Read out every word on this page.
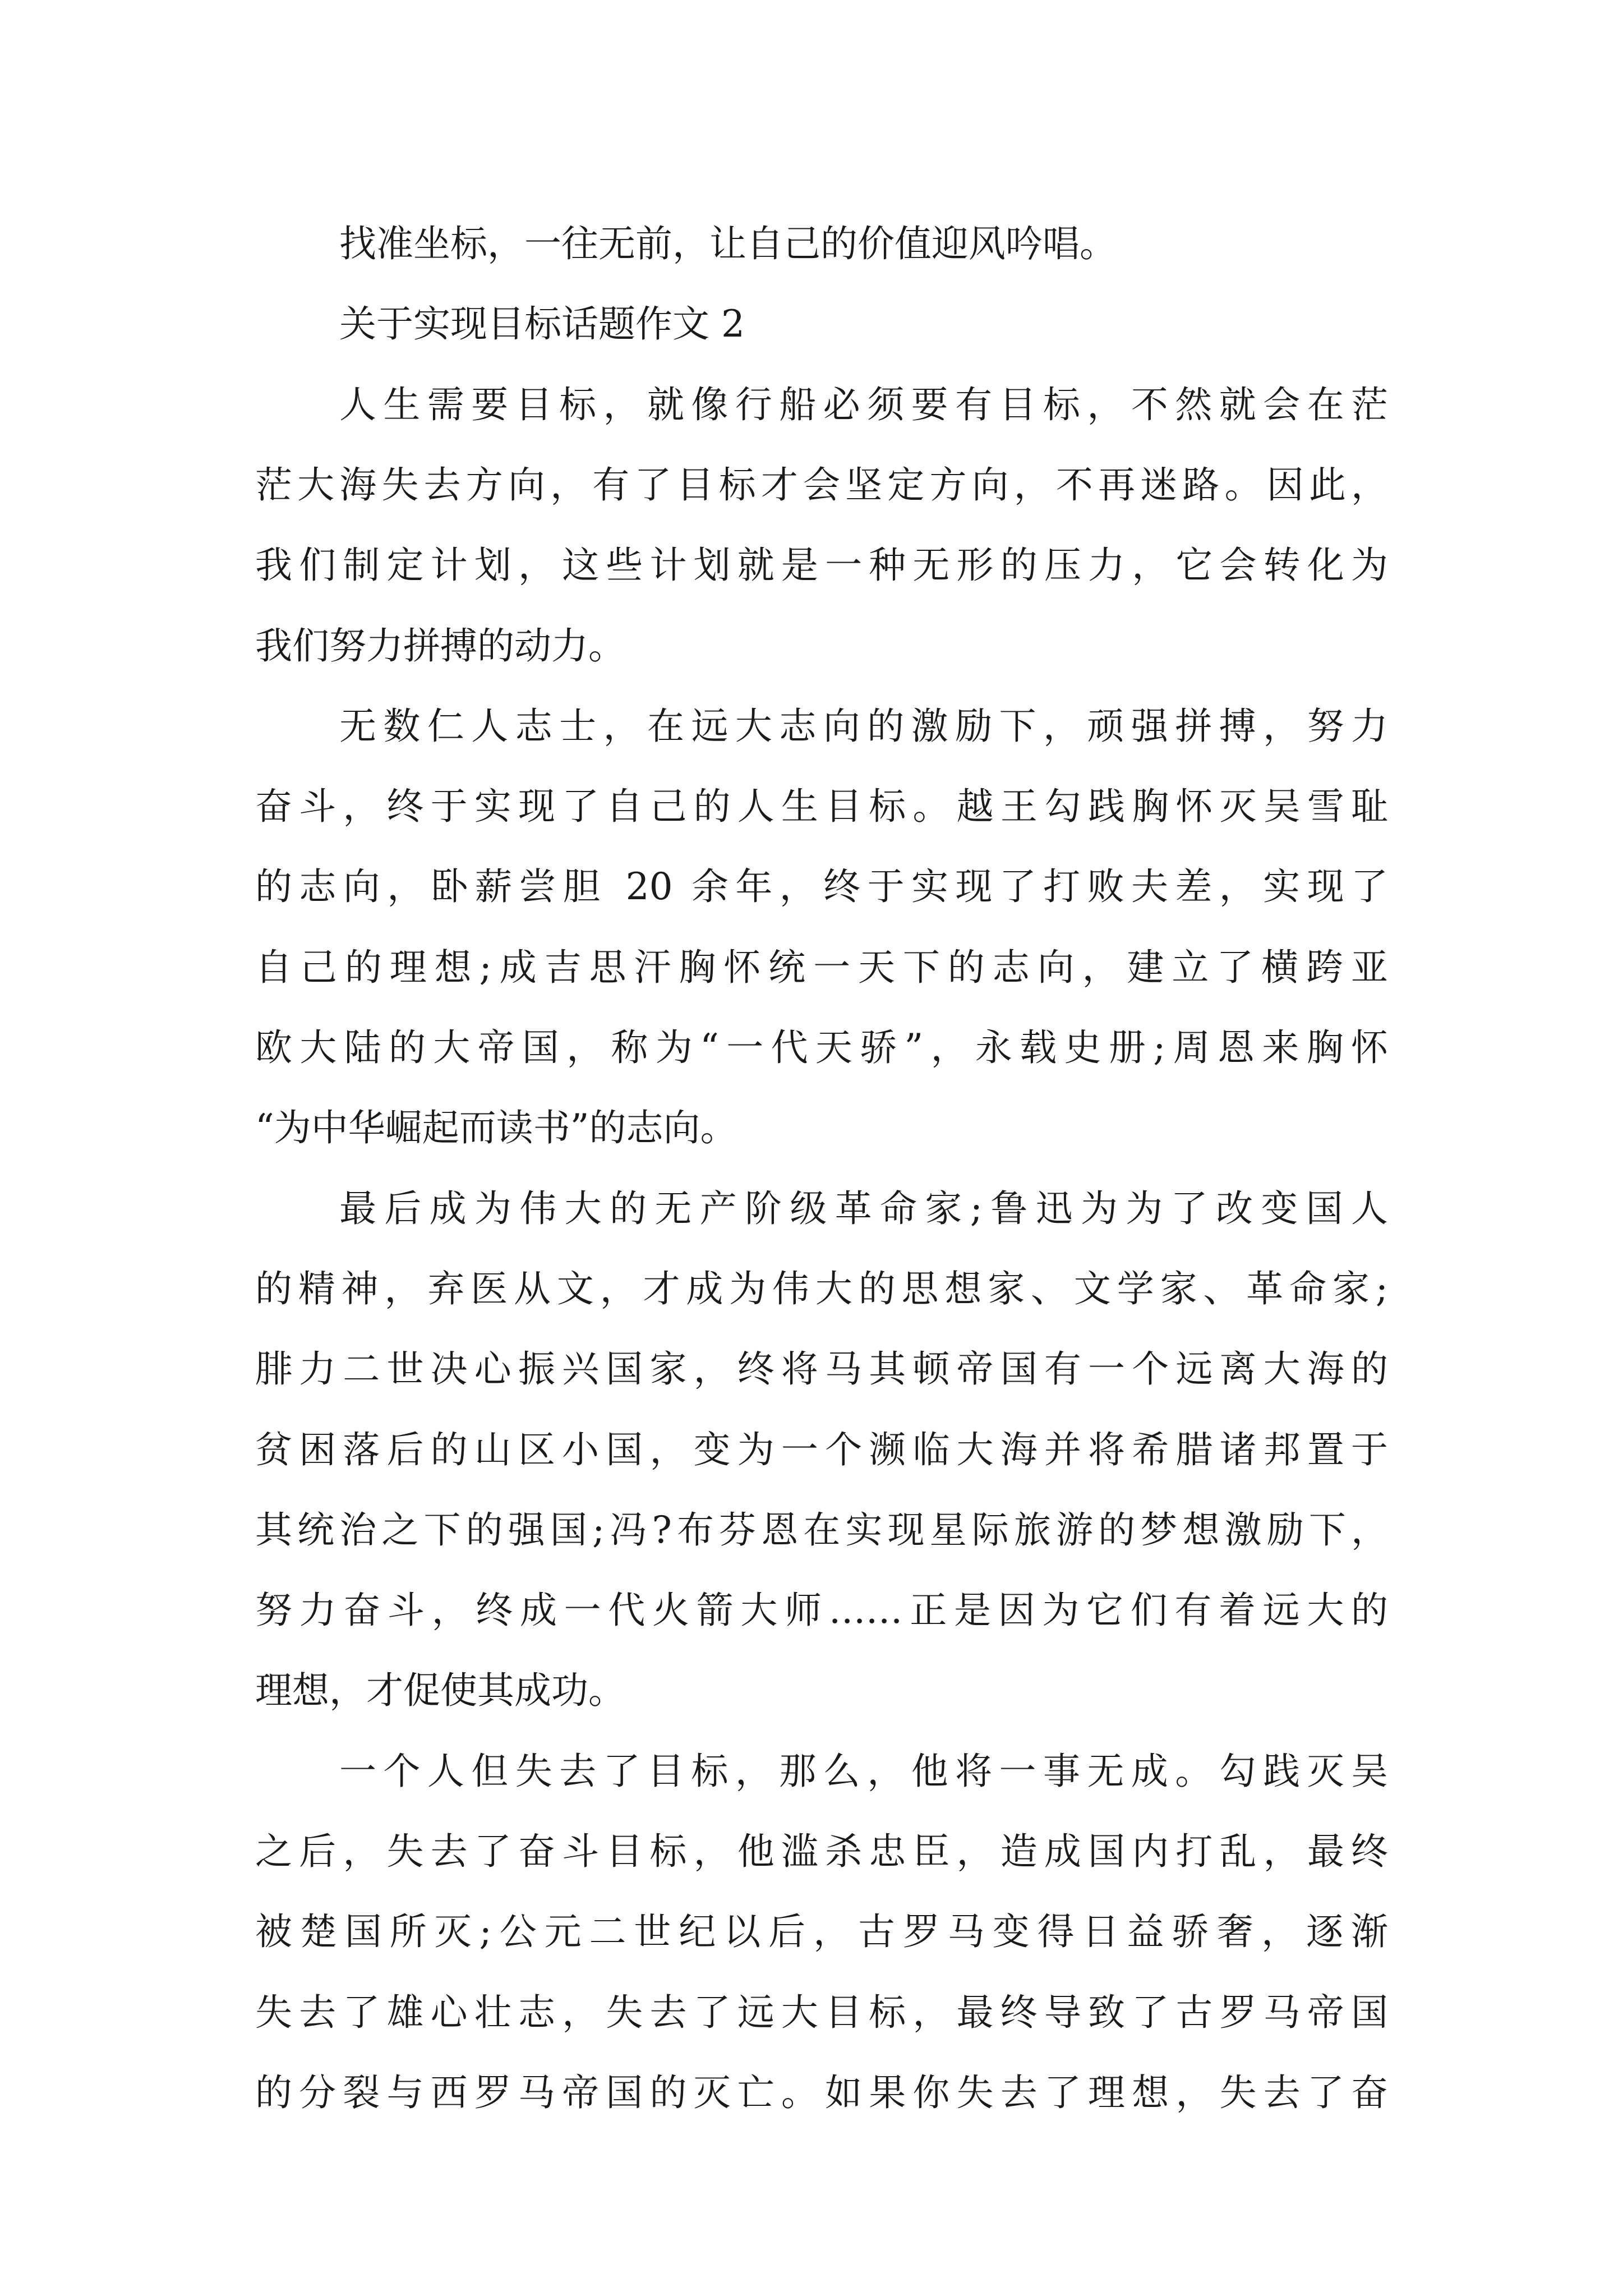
找准坐标，一往无前，让自己的价值迎风吟唱。
关于实现目标话题作文 2
人生需要目标，就像行船必须要有目标，不然就会在茫
茫大海失去方向，有了目标才会坚定方向，不再迷路。因此，
我们制定计划，这些计划就是一种无形的压力，它会转化为
我们努力拼搏的动力。
无数仁人志士，在远大志向的激励下，顽强拼搏，努力
奋斗，终于实现了自己的人生目标。越王勾践胸怀灭吴雪耻
的志向，卧薪尝胆 20 余年，终于实现了打败夫差，实现了
自己的理想;成吉思汗胸怀统一天下的志向，建立了横跨亚
欧大陆的大帝国，称为“一代天骄”，永载史册;周恩来胸怀
“为中华崛起而读书”的志向。
最后成为伟大的无产阶级革命家;鲁迅为为了改变国人
的精神，弃医从文，才成为伟大的思想家、文学家、革命家;
腓力二世决心振兴国家，终将马其顿帝国有一个远离大海的
贫困落后的山区小国，变为一个濒临大海并将希腊诸邦置于
其统治之下的强国;冯?布芬恩在实现星际旅游的梦想激励下，
努力奋斗，终成一代火箭大师……正是因为它们有着远大的
理想，才促使其成功。
一个人但失去了目标，那么，他将一事无成。勾践灭吴
之后，失去了奋斗目标，他滥杀忠臣，造成国内打乱，最终
被楚国所灭;公元二世纪以后，古罗马变得日益骄奢，逐渐
失去了雄心壮志，失去了远大目标，最终导致了古罗马帝国
的分裂与西罗马帝国的灭亡。如果你失去了理想，失去了奋
